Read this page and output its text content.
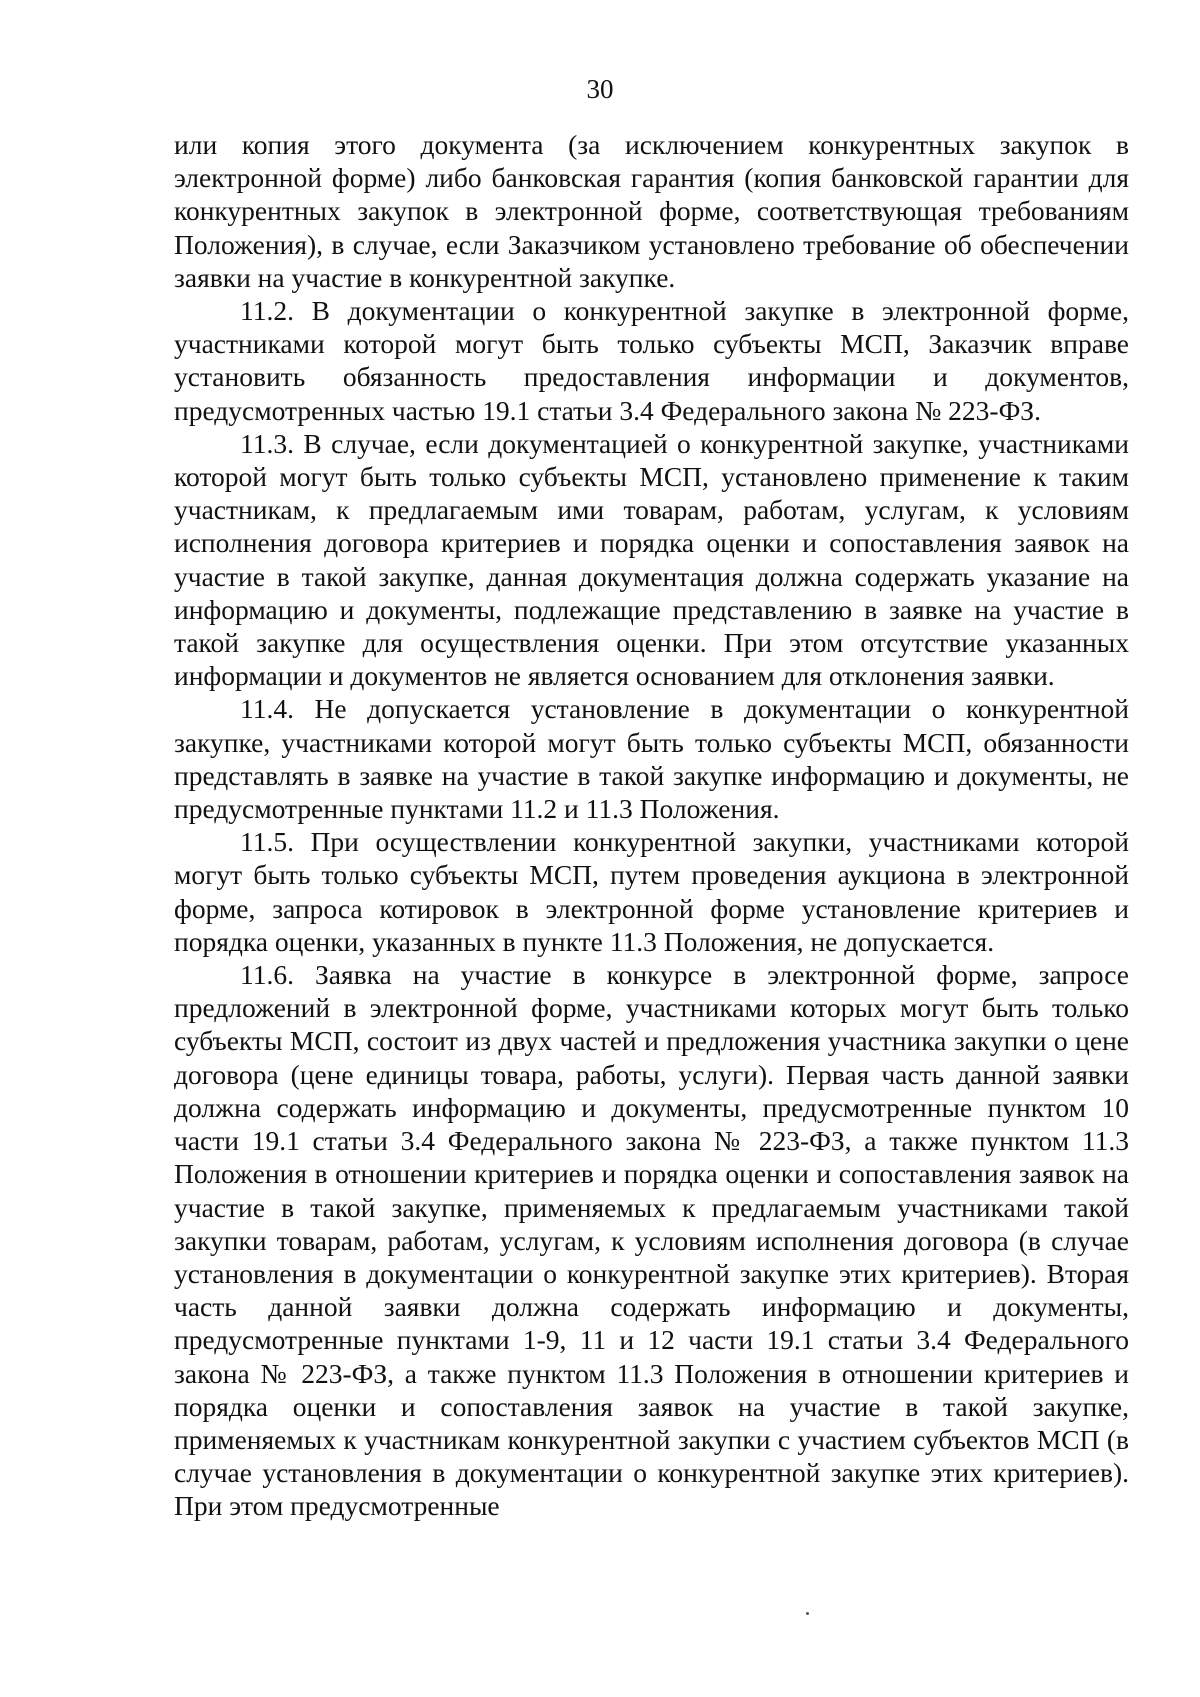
30

или копия этого документа (за исключением конкурентных закупок в электронной форме) либо банковская гарантия (копия банковской гарантии для конкурентных закупок в электронной форме, соответствующая требованиям Положения), в случае, если Заказчиком установлено требование об обеспечении заявки на участие в конкурентной закупке.

11.2. В документации о конкурентной закупке в электронной форме, участниками которой могут быть только субъекты МСП, Заказчик вправе установить обязанность предоставления информации и документов, предусмотренных частью 19.1 статьи 3.4 Федерального закона № 223-ФЗ.

11.3. В случае, если документацией о конкурентной закупке, участниками которой могут быть только субъекты МСП, установлено применение к таким участникам, к предлагаемым ими товарам, работам, услугам, к условиям исполнения договора критериев и порядка оценки и сопоставления заявок на участие в такой закупке, данная документация должна содержать указание на информацию и документы, подлежащие представлению в заявке на участие в такой закупке для осуществления оценки. При этом отсутствие указанных информации и документов не является основанием для отклонения заявки.

11.4. Не допускается установление в документации о конкурентной закупке, участниками которой могут быть только субъекты МСП, обязанности представлять в заявке на участие в такой закупке информацию и документы, не предусмотренные пунктами 11.2 и 11.3 Положения.

11.5. При осуществлении конкурентной закупки, участниками которой могут быть только субъекты МСП, путем проведения аукциона в электронной форме, запроса котировок в электронной форме установление критериев и порядка оценки, указанных в пункте 11.3 Положения, не допускается.

11.6. Заявка на участие в конкурсе в электронной форме, запросе предложений в электронной форме, участниками которых могут быть только субъекты МСП, состоит из двух частей и предложения участника закупки о цене договора (цене единицы товара, работы, услуги). Первая часть данной заявки должна содержать информацию и документы, предусмотренные пунктом 10 части 19.1 статьи 3.4 Федерального закона № 223-ФЗ, а также пунктом 11.3 Положения в отношении критериев и порядка оценки и сопоставления заявок на участие в такой закупке, применяемых к предлагаемым участниками такой закупки товарам, работам, услугам, к условиям исполнения договора (в случае установления в документации о конкурентной закупке этих критериев). Вторая часть данной заявки должна содержать информацию и документы, предусмотренные пунктами 1-9, 11 и 12 части 19.1 статьи 3.4 Федерального закона № 223-ФЗ, а также пунктом 11.3 Положения в отношении критериев и порядка оценки и сопоставления заявок на участие в такой закупке, применяемых к участникам конкурентной закупки с участием субъектов МСП (в случае установления в документации о конкурентной закупке этих критериев). При этом предусмотренные
